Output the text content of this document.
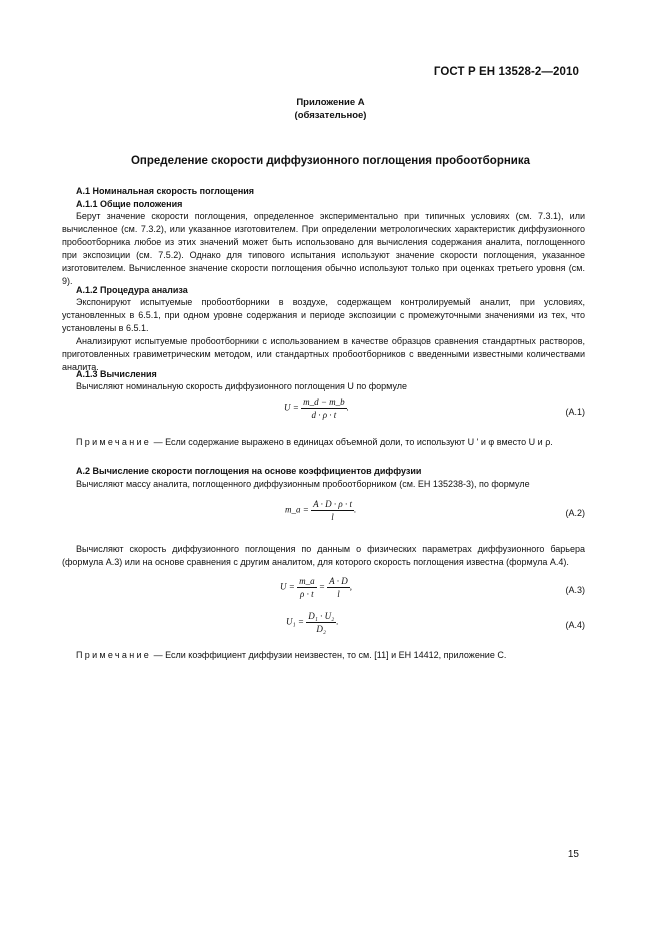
ГОСТ Р ЕН 13528-2—2010
Приложение А
(обязательное)
Определение скорости диффузионного поглощения пробоотборника
А.1 Номинальная скорость поглощения
А.1.1 Общие положения
Берут значение скорости поглощения, определенное экспериментально при типичных условиях (см. 7.3.1), или вычисленное (см. 7.3.2), или указанное изготовителем. При определении метрологических характеристик диффузионного пробоотборника любое из этих значений может быть использовано для вычисления содержания аналита, поглощенного при экспозиции (см. 7.5.2). Однако для типового испытания используют значение скорости поглощения, указанное изготовителем. Вычисленное значение скорости поглощения обычно используют только при оценках третьего уровня (см. 9).
А.1.2 Процедура анализа
Экспонируют испытуемые пробоотборники в воздухе, содержащем контролируемый аналит, при условиях, установленных в 6.5.1, при одном уровне содержания и периоде экспозиции с промежуточными значениями из тех, что установлены в 6.5.1.
Анализируют испытуемые пробоотборники с использованием в качестве образцов сравнения стандартных растворов, приготовленных гравиметрическим методом, или стандартных пробоотборников с введенными известными количествами аналита.
А.1.3 Вычисления
Вычисляют номинальную скорость диффузионного поглощения U по формуле
$U = \frac{m\_d - m\_b}{d \cdot \rho \cdot t}$ .	(А.1)
Примечание — Если содержание выражено в единицах объемной доли, то используют U ' и φ вместо U и ρ.
А.2 Вычисление скорости поглощения на основе коэффициентов диффузии
Вычисляют массу аналита, поглощенного диффузионным пробоотборником (см. ЕН 135238-3), по формуле
m_a = $\frac{A \cdot D \cdot \rho \cdot t}{l}$ .	(А.2)
Вычисляют скорость диффузионного поглощения по данным о физических параметрах диффузионного барьера (формула А.3) или на основе сравнения с другим аналитом, для которого скорость поглощения известна (формула А.4).
$U = \frac{m\_a}{\rho \cdot t} = \frac{A \cdot D}{l}$ ,	(А.3)
$U_1 = \frac{\text{D₁ · U₂}}{\text{D₂}}$ .	(А.4)
Примечание — Если коэффициент диффузии неизвестен, то см. [11] и ЕН 14412, приложение С.
15
